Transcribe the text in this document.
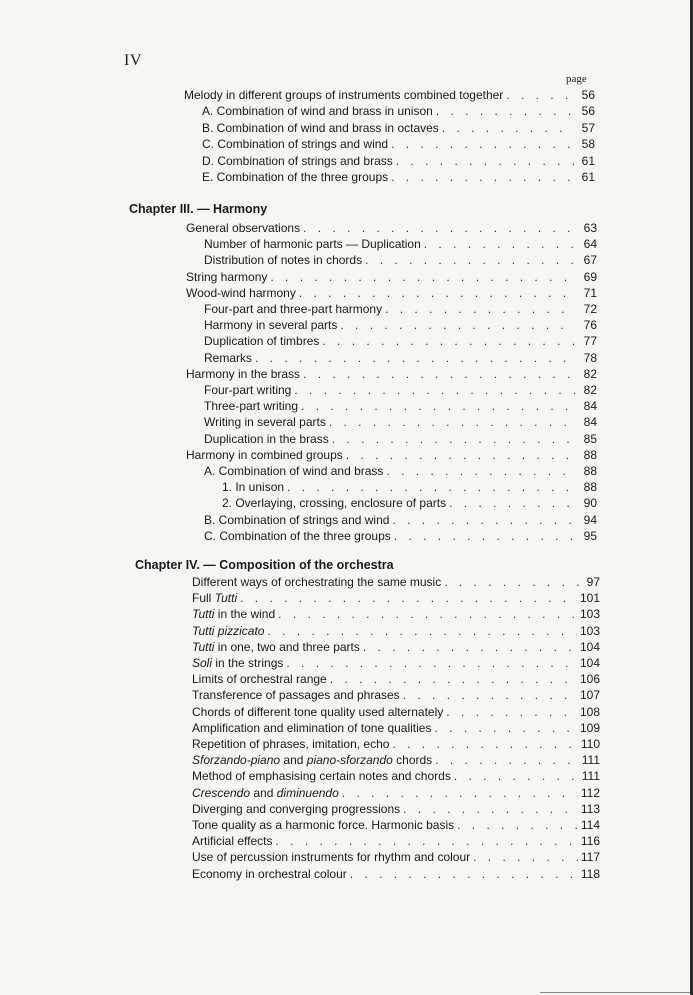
IV
page
Melody in different groups of instruments combined together . . .	56
A. Combination of wind and brass in unison . . .	56
B. Combination of wind and brass in octaves . . .	57
C. Combination of strings and wind . . .	58
D. Combination of strings and brass . . .	61
E. Combination of the three groups . . .	61
Chapter III. — Harmony
General observations . . .	63
Number of harmonic parts — Duplication . . .	64
Distribution of notes in chords . . .	67
String harmony . . .	69
Wood-wind harmony . . .	71
Four-part and three-part harmony . . .	72
Harmony in several parts . . .	76
Duplication of timbres . . .	77
Remarks . . .	78
Harmony in the brass . . .	82
Four-part writing . . .	82
Three-part writing . . .	84
Writing in several parts . . .	84
Duplication in the brass . . .	85
Harmony in combined groups . . .	88
A. Combination of wind and brass . . .	88
1. In unison . . .	88
2. Overlaying, crossing, enclosure of parts . . .	90
B. Combination of strings and wind . . .	94
C. Combination of the three groups . . .	95
Chapter IV. — Composition of the orchestra
Different ways of orchestrating the same music . . .	97
Full Tutti . . .	101
Tutti in the wind . . .	103
Tutti pizzicato . . .	103
Tutti in one, two and three parts . . .	104
Soli in the strings . . .	104
Limits of orchestral range . . .	106
Transference of passages and phrases . . .	107
Chords of different tone quality used alternately . . .	108
Amplification and elimination of tone qualities . . .	109
Repetition of phrases, imitation, echo . . .	110
Sforzando-piano and piano-sforzando chords . . .	111
Method of emphasising certain notes and chords . . .	111
Crescendo and diminuendo . . .	112
Diverging and converging progressions . . .	113
Tone quality as a harmonic force. Harmonic basis . . .	114
Artificial effects . . .	116
Use of percussion instruments for rhythm and colour . . .	117
Economy in orchestral colour . . .	118
